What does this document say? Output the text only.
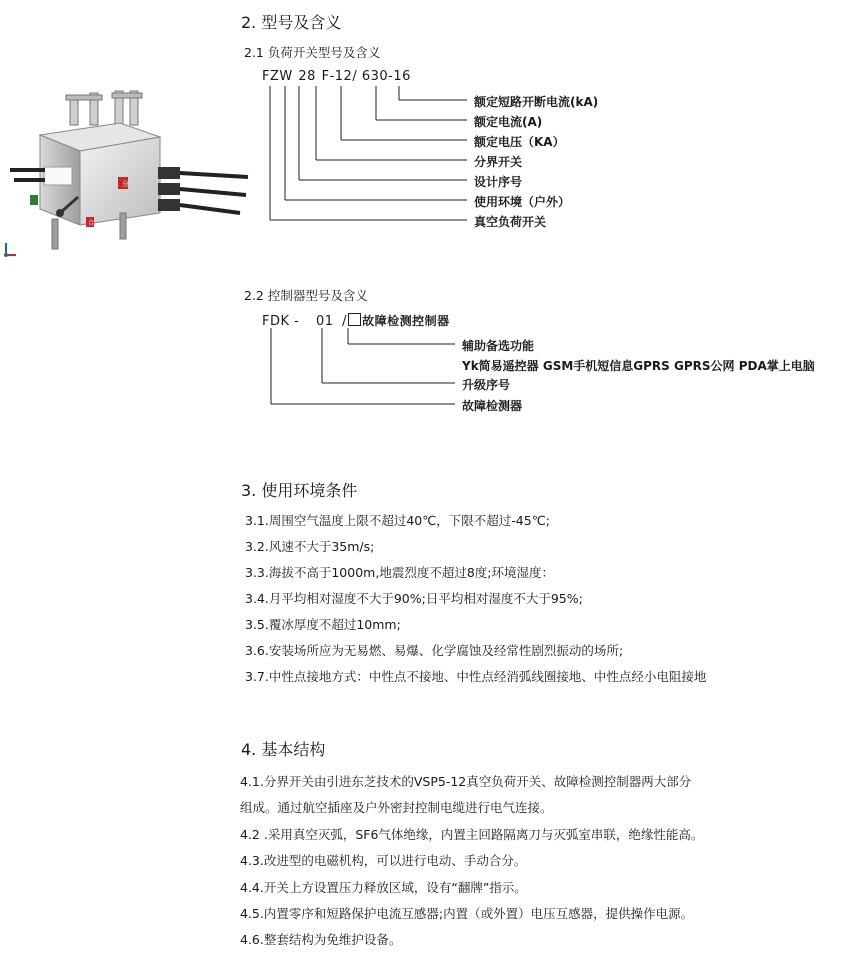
分
合
2. 型号及含义
2.1 负荷开关型号及含义
FZW 28 F-12/ 630-16
额定短路开断电流(kA)
额定电流(A)
额定电压（KA）
分界开关
设计序号
使用环境（户外）
真空负荷开关
2.2 控制器型号及含义
FDK - 01 / 故障检测控制器
辅助备选功能
Yk简易遥控器 GSM手机短信息GPRS GPRS公网 PDA掌上电脑
升级序号
故障检测器
3. 使用环境条件
3.1.周围空气温度上限不超过40℃，下限不超过-45℃;
3.2.风速不大于35m/s;
3.3.海拔不高于1000m,地震烈度不超过8度;环境湿度：
3.4.月平均相对湿度不大于90%;日平均相对湿度不大于95%;
3.5.覆冰厚度不超过10mm;
3.6.安装场所应为无易燃、易爆、化学腐蚀及经常性剧烈振动的场所;
3.7.中性点接地方式：中性点不接地、中性点经消弧线圈接地、中性点经小电阻接地
4. 基本结构
4.1.分界开关由引进东芝技术的VSP5-12真空负荷开关、故障检测控制器两大部分
组成。通过航空插座及户外密封控制电缆进行电气连接。
4.2 .采用真空灭弧，SF6气体绝缘，内置主回路隔离刀与灭弧室串联，绝缘性能高。
4.3.改进型的电磁机构，可以进行电动、手动合分。
4.4.开关上方设置压力释放区域，设有“翻牌”指示。
4.5.内置零序和短路保护电流互感器;内置（或外置）电压互感器，提供操作电源。
4.6.整套结构为免维护设备。
